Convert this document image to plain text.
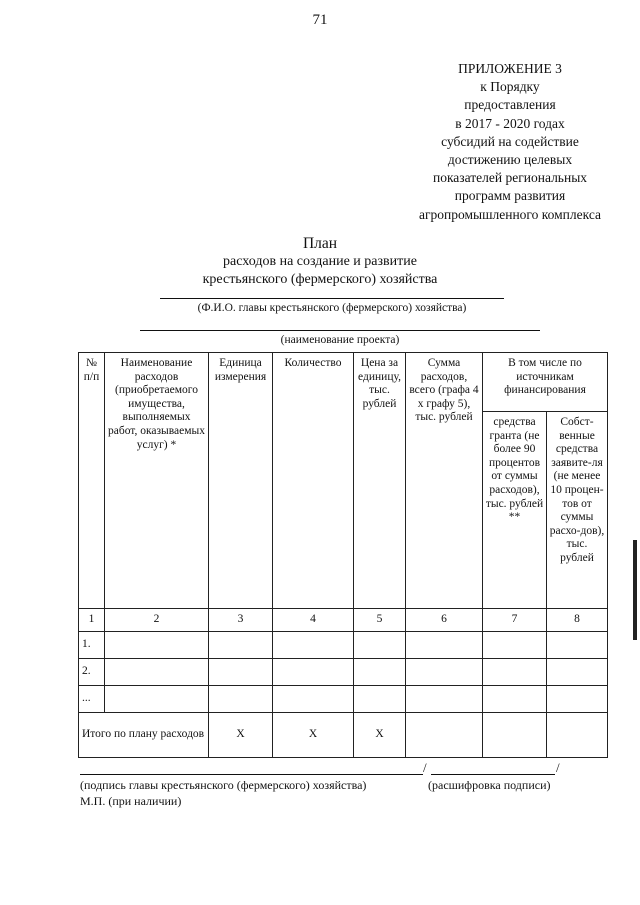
71
ПРИЛОЖЕНИЕ 3
к Порядку
предоставления
в 2017 - 2020 годах
субсидий на содействие
достижению целевых
показателей региональных
программ развития
агропромышленного комплекса
План
расходов на создание и развитие
крестьянского (фермерского) хозяйства
(Ф.И.О. главы крестьянского (фермерского) хозяйства)
(наименование проекта)
№ п/п	Наименование расходов (приобретаемого имущества, выполняемых работ, оказываемых услуг) *	Единица измерения	Количество	Цена за единицу, тыс. рублей	Сумма расходов, всего (графа 4 x графу 5), тыс. рублей	В том числе по источникам финансирования	
						средства гранта (не более 90 процентов от суммы расходов), тыс. рублей **	Собст-венные средства заявите-ля (не менее 10 процен-тов от суммы расхо-дов), тыс. рублей
1	2	3	4	5	6	7	8
1.							
2.							
...							
Итого по плану расходов		Х	Х	Х			
/	/
(подпись главы крестьянского (фермерского) хозяйства)	(расшифровка подписи)
М.П. (при наличии)
